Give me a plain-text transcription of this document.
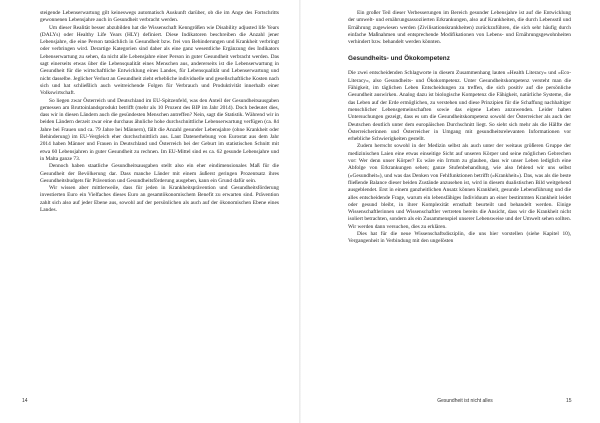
steigende Lebenserwartung gilt keineswegs automatisch Auskunft darüber, ob die im Ange des Fortschritts gewonnenen Lebensjahre auch in Gesundheit verbracht werden.

Um dieser Realität besser abzubilden hat die Wissenschaft Kenngrößen wie Disability adjusted life Years (DALYs) oder Healthy Life Years (HLY) definiert. Diese Indikatoren beschreiben die Anzahl jener Lebensjahre, die eine Person tatsächlich in Gesundheit bzw. frei von Behinderungen und Krankheit verbringt oder verbringen wird. Derartige Kategorien sind daher als eine ganz wesentliche Ergänzung des Indikators Lebenserwartung zu sehen, da nicht alle Lebensjahre einer Person in guter Gesundheit verbracht werden. Das sagt einerseits etwas über die Lebensqualität eines Menschen aus, andererseits ist die Lebenserwartung in Gesundheit für die wirtschaftliche Entwicklung eines Landes, für Lebensqualität und Lebenserwartung und nicht dasselbe. Jeglicher Verlust an Gesundheit zieht erhebliche individuelle und gesellschaftliche Kosten nach sich und hat schließlich auch weitreichende Folgen für Verbrauch und Produktivität innerhalb einer Volkswirtschaft.

So liegen zwar Österreich und Deutschland im EU-Spitzenfeld, was den Anteil der Gesundheitsausgaben gemessen am Bruttoinlandsprodukt betrifft (mehr als 10 Prozent des BIP im Jahr 2014). Doch bedeutet dies, dass wir in diesen Ländern auch die gesündesten Menschen antreffen? Nein, sagt die Statistik. Während wir in beiden Ländern derzeit zwar eine durchaus ähnliche hohe durchschnittliche Lebenserwartung verfügen (ca. 84 Jahre bei Frauen und ca. 79 Jahre bei Männern), fällt die Anzahl gesunder Lebensjahre (ohne Krankheit oder Behinderung) im EU-Vergleich eher durchschnittlich aus. Laut Datenerhebung von Eurostat aus dem Jahr 2014 haben Männer und Frauen in Deutschland und Österreich bei der Geburt im statistischen Schnitt mit etwa 60 Lebensjahren in guter Gesundheit zu rechnen. Im EU-Mittel sind es ca. 62 gesunde Lebensjahre und in Malta ganze 73.

Dennoch haben staatliche Gesundheitsausgaben stellt also ein eher eindimensionales Maß für die Gesundheit der Bevölkerung dar. Dass manche Länder mit einem äußerst geringen Prozentsatz ihres Gesundheitsbudgets für Prävention und Gesundheitsförderung ausgeben, kann ein Grund dafür sein.

Wir wissen aber mittlerweile, dass für jeden in Krankheitsprävention und Gesundheitsförderung investierten Euro ein Vielfaches dieses Euro an gesamtökonomischem Benefit zu erwarten sind. Prävention zahlt sich also auf jeder Ebene aus, sowohl auf der persönlichen als auch auf der ökonomischen Ebene eines Landes.

Ein großer Teil dieser Verbesserungen im Bereich gesunder Lebensjahre ist auf die Entwicklung der umwelt- und ernährungsassoziierten Erkrankungen, also auf Krankheiten, die durch Lebensstil und Ernährung zugewiesen werden (Zivilisationskrankheiten) zurückzuführen, die sich sehr häufig durch einfache Maßnahmen und entsprechende Modifikationen von Lebens- und Ernährungsgewohnheiten verhindert bzw. behandelt werden könnten.

Gesundheits- und Ökokompetenz

Die zwei entscheidenden Schlagworte in diesem Zusammenhang lauten »Health Literacy« und »Eco-Literacy«, also Gesundheits- und Ökokompetenz. Unter Gesundheitskompetenz versteht man die Fähigkeit, im täglichen Leben Entscheidungen zu treffen, die sich positiv auf die persönliche Gesundheit auswirken. Analog dazu ist biologische Kompetenz die Fähigkeit, natürliche Systeme, die das Leben auf der Erde ermöglichen, zu verstehen und diese Prinzipien für die Schaffung nachhaltiger menschlicher Lebensgemeinschaften sowie das eigene Leben anzuwenden. Leider haben Untersuchungen gezeigt, dass es um die Gesundheitskompetenz sowohl der Österreicher als auch der Deutschen deutlich unter dem europäischen Durchschnitt liegt. So sieht sich mehr als die Hälfte der Österreicherinnen und Österreicher in Umgang mit gesundheitsrelevanten Informationen vor erhebliche Schwierigkeiten gestellt.

Zudem herrscht sowohl in der Medizin selbst als auch unter der weitaus größeren Gruppe der medizinischen Laien eine etwas einseitige Sicht auf unseren Körper und seine möglichen Gebrechen vor: Wer denn unser Körper? Es wäre ein Irrtum zu glauben, dass wir unser Leben lediglich eine Abfolge von Erkrankungen sehen; ganze Stufenbehandlung, wie also fehlend wir uns selbst (»Gesundheit«), und was das Denken von Fehlfunktionen betrifft (»Krankheit«). Das, was als die beste fließende Balance dieser beiden Zustände anzusehen ist, wird in diesem dualistischen Bild weitgehend ausgeblendet. Erst in einem ganzheitlichen Ansatz können Krankheit, gesunde Lebensführung und die alles entscheidende Frage, warum ein lebensfähiges Individuum an einer bestimmten Krankheit leidet oder gesund bleibt, in ihrer Komplexität ernsthaft beurteilt und behandelt werden. Einige Wissenschaftlerinnen und Wissenschaftler vertreten bereits die Ansicht, dass wir die Krankheit nicht isoliert betrachten, sondern als ein Zusammenspiel unserer Lebensweise und der Umwelt sehen sollten. Wir werden dann versuchen, dies zu erklären.

Dies hat für die neue Wissenschaftsdisziplin, die uns hier vorstellen (siehe Kapitel 10), Vergangenheit in Verbindung mit den ungelösten

14	Gesundheit ist nicht alles	15
